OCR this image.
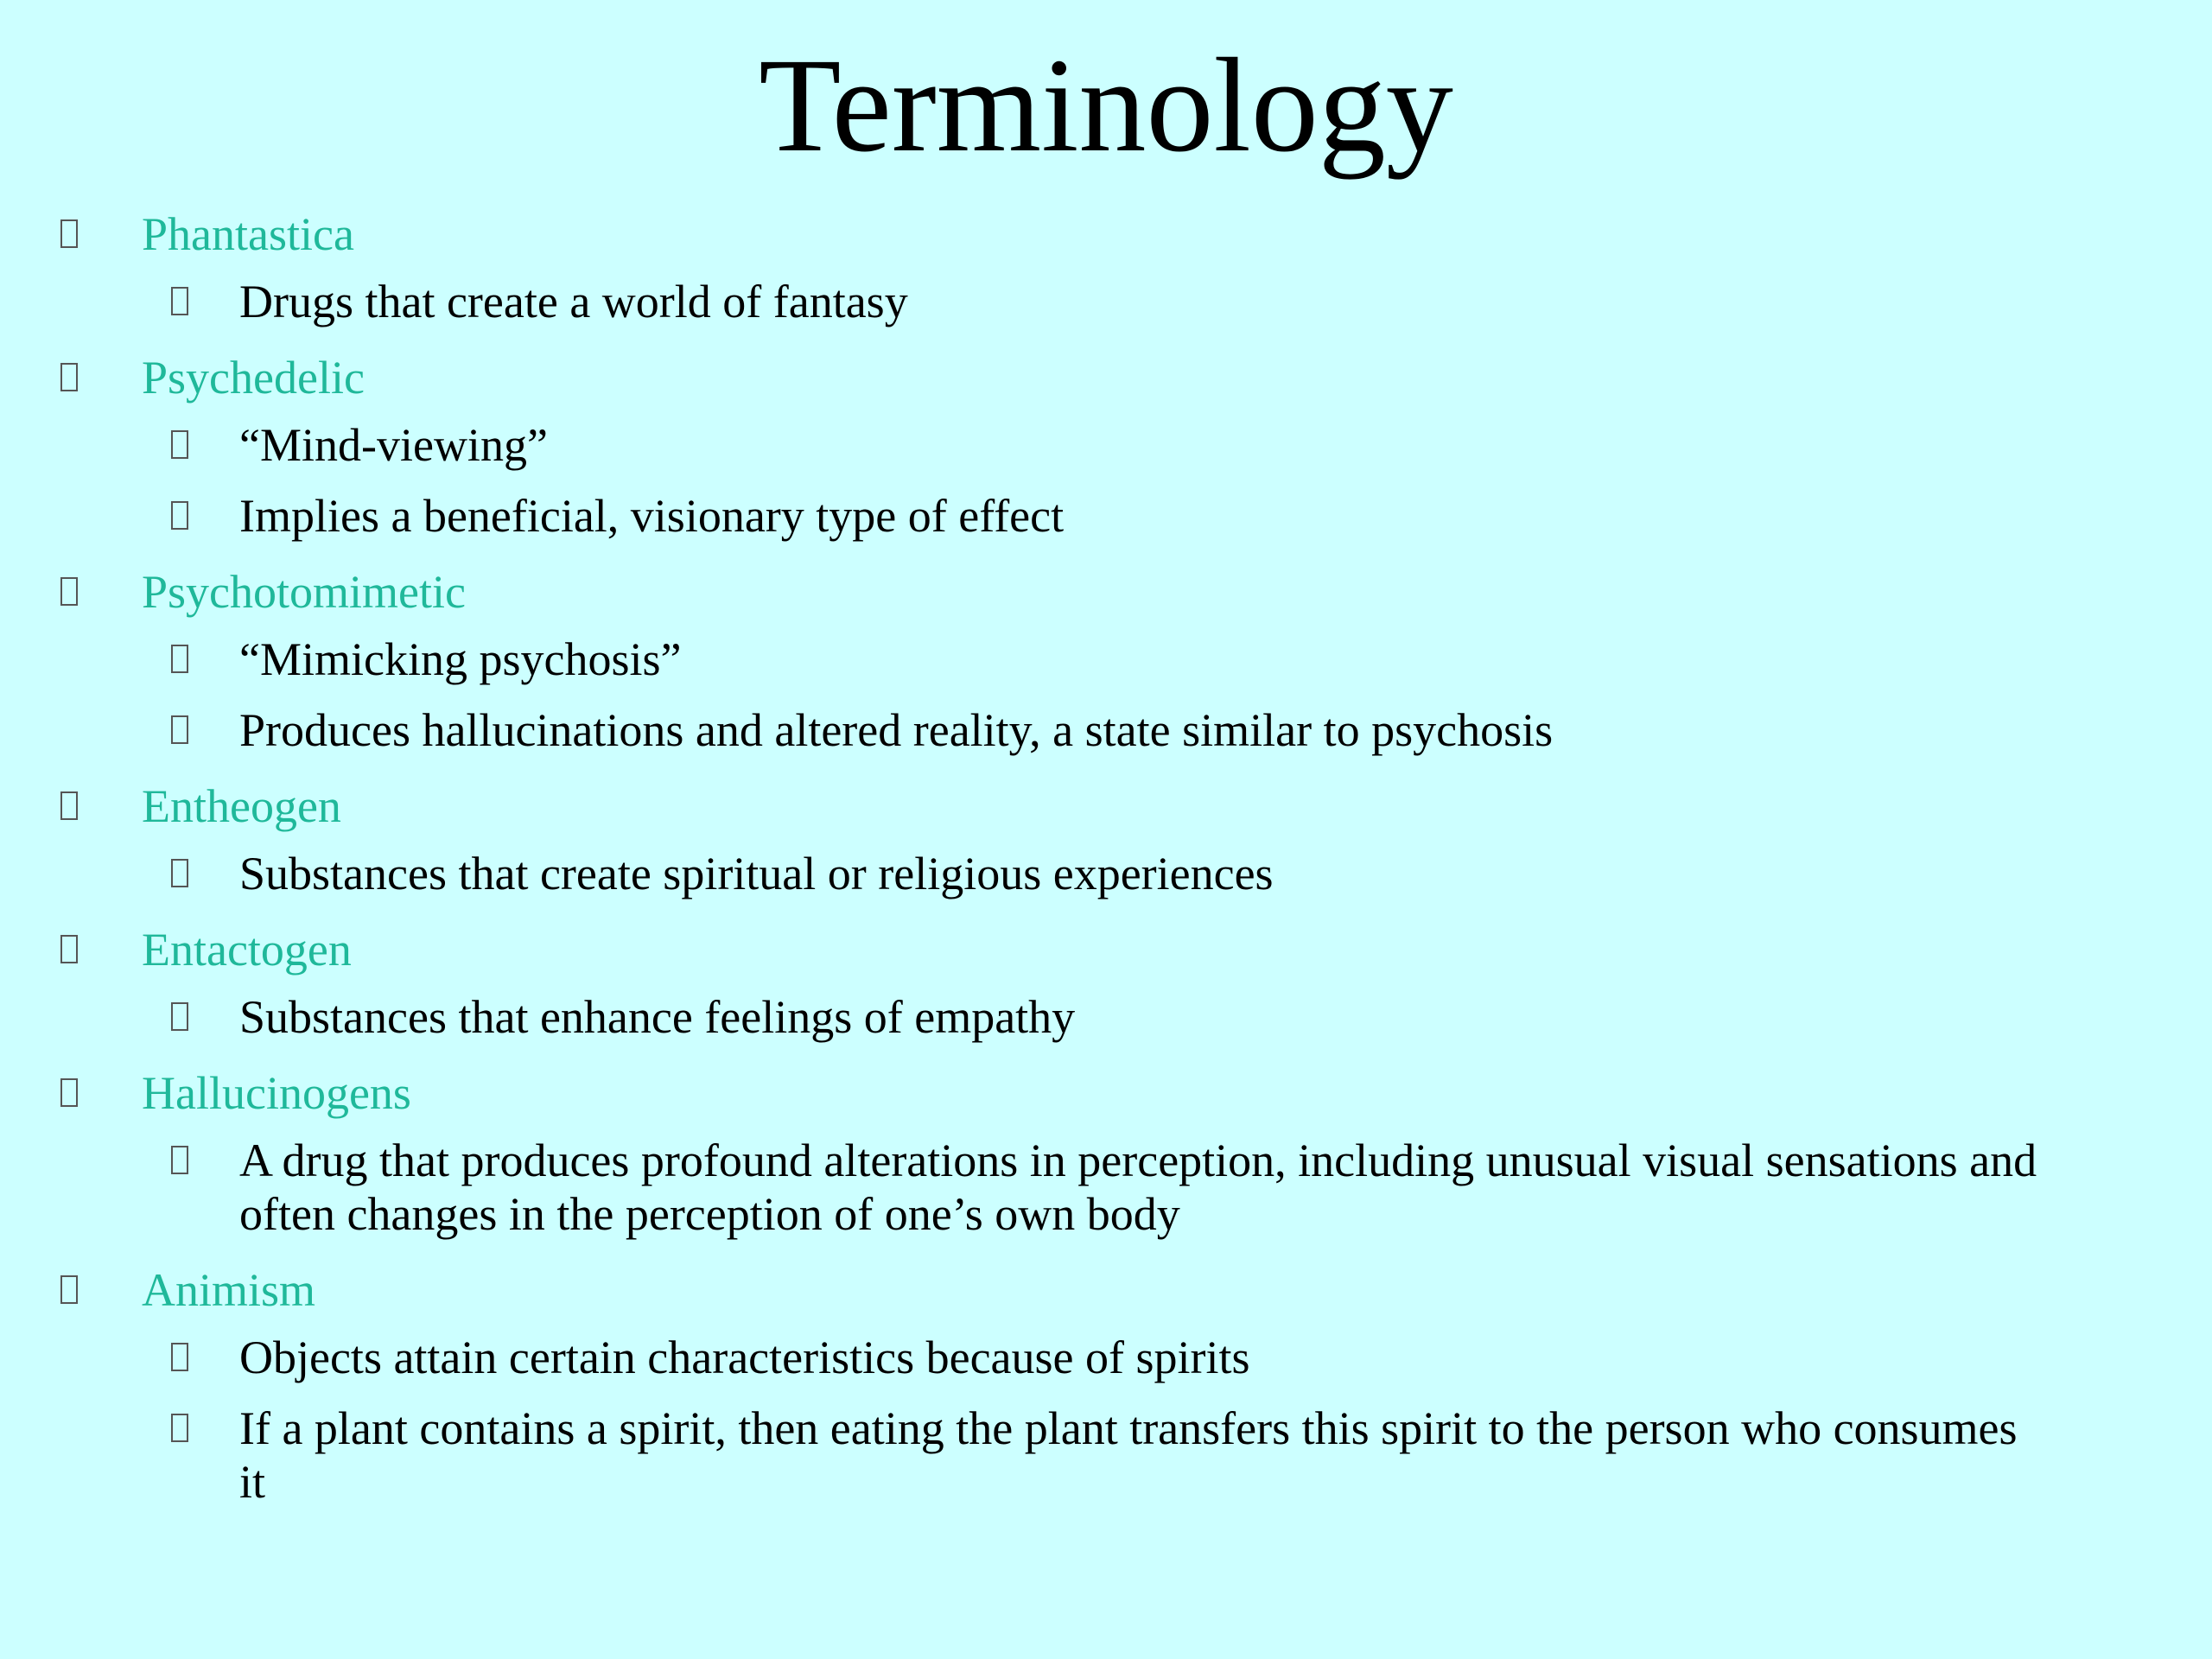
Terminology
Phantastica
Drugs that create a world of fantasy
Psychedelic
“Mind-viewing”
Implies a beneficial, visionary type of effect
Psychotomimetic
“Mimicking psychosis”
Produces hallucinations and altered reality, a state similar to psychosis
Entheogen
Substances that create spiritual or religious experiences
Entactogen
Substances that enhance feelings of empathy
Hallucinogens
A drug that produces profound alterations in perception, including unusual visual sensations and often changes in the perception of one’s own body
Animism
Objects attain certain characteristics because of spirits
If a plant contains a spirit, then eating the plant transfers this spirit to the person who consumes it
